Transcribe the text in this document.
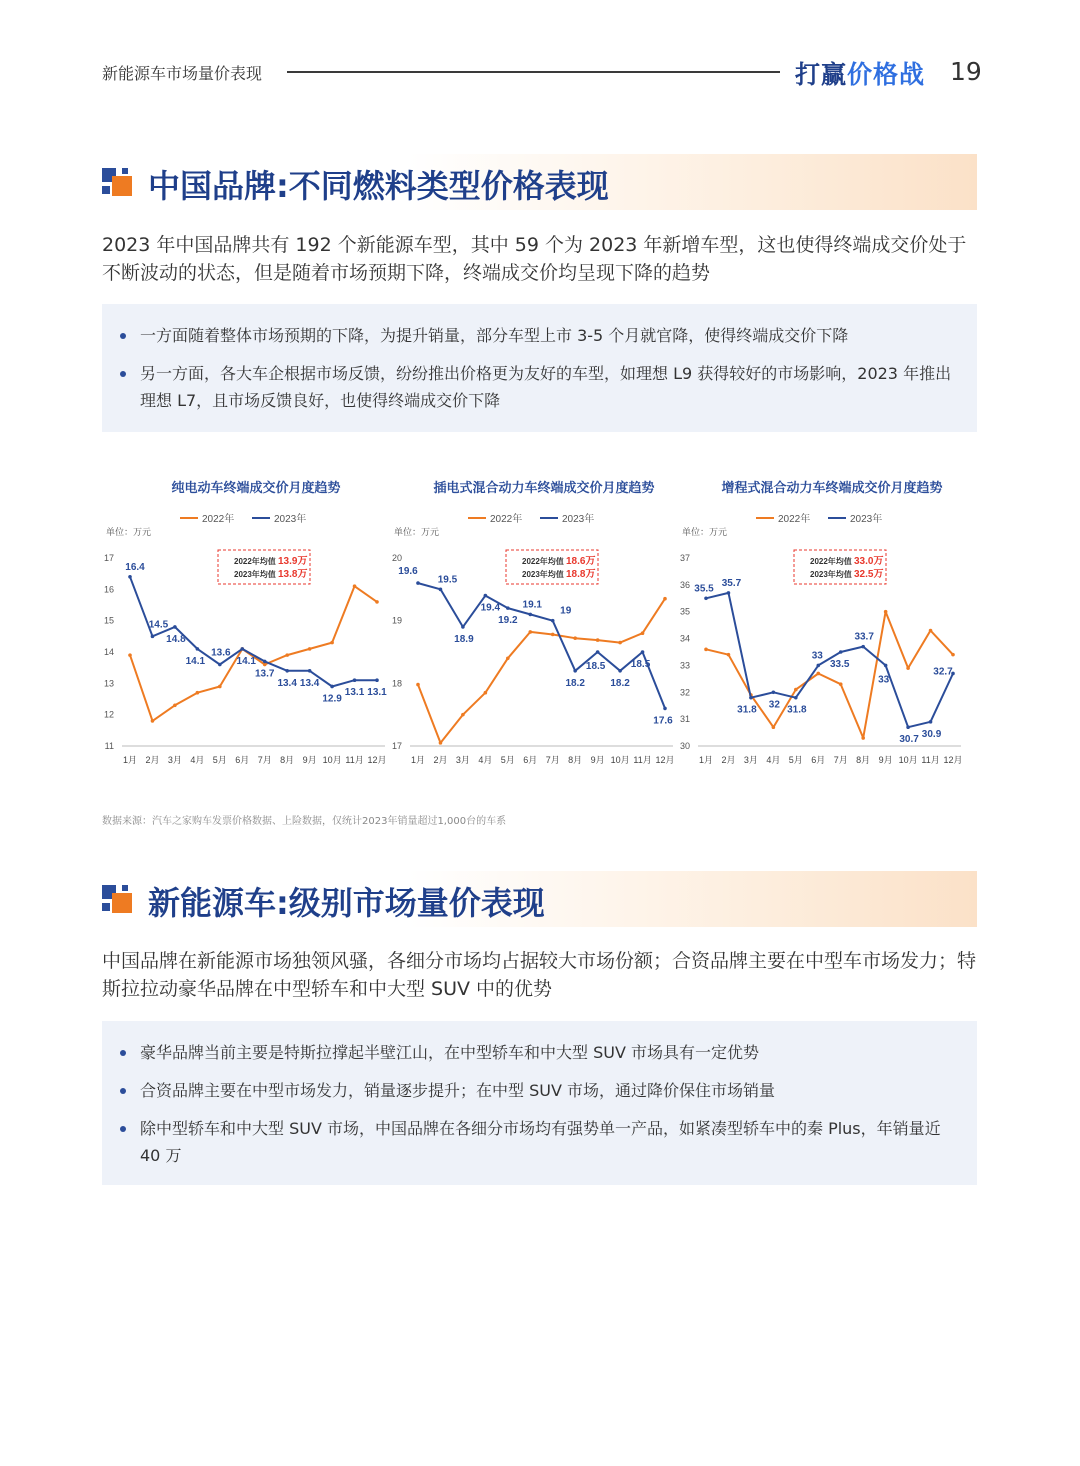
新能源车市场量价表现	打赢价格战 19
中国品牌:不同燃料类型价格表现
2023 年中国品牌共有 192 个新能源车型，其中 59 个为 2023 年新增车型，这也使得终端成交价处于不断波动的状态，但是随着市场预期下降，终端成交价均呈现下降的趋势
一方面随着整体市场预期的下降，为提升销量，部分车型上市 3-5 个月就官降，使得终端成交价下降
另一方面，各大车企根据市场反馈，纷纷推出价格更为友好的车型，如理想 L9 获得较好的市场影响，2023 年推出理想 L7，且市场反馈良好，也使得终端成交价下降
纯电动车终端成交价月度趋势
2022年	2023年
单位：万元
2022年均值 13.9万
2023年均值 13.8万
11
12
13
14
15
16
17
1月 2月 3月 4月 5月 6月 7月 8月 9月 10月 11月 12月
16.4
14.5
14.8
14.1
13.6
14.1
13.7
13.4 13.4
12.9
13.1 13.1
插电式混合动力车终端成交价月度趋势
2022年	2023年
单位：万元
2022年均值 18.6万
2023年均值 18.8万
17
18
19
20
1月 2月 3月 4月 5月 6月 7月 8月 9月 10月 11月 12月
19.6
19.5
18.9
19.4
19.2
19.1
19
18.2
18.5
18.2
18.5
17.6
增程式混合动力车终端成交价月度趋势
2022年	2023年
单位：万元
2022年均值 33.0万
2023年均值 32.5万
30
31
32
33
34
35
36
37
1月 2月 3月 4月 5月 6月 7月 8月 9月 10月 11月 12月
35.5 35.7
31.8 32 31.8
33
33.5
33.7
33
30.7 30.9
32.7
数据来源：汽车之家购车发票价格数据、上险数据，仅统计2023年销量超过1,000台的车系
新能源车:级别市场量价表现
中国品牌在新能源市场独领风骚，各细分市场均占据较大市场份额；合资品牌主要在中型车市场发力；特斯拉拉动豪华品牌在中型轿车和中大型 SUV 中的优势
豪华品牌当前主要是特斯拉撑起半壁江山，在中型轿车和中大型 SUV 市场具有一定优势
合资品牌主要在中型市场发力，销量逐步提升；在中型 SUV 市场，通过降价保住市场销量
除中型轿车和中大型 SUV 市场，中国品牌在各细分市场均有强势单一产品，如紧凑型轿车中的秦 Plus，年销量近 40 万
